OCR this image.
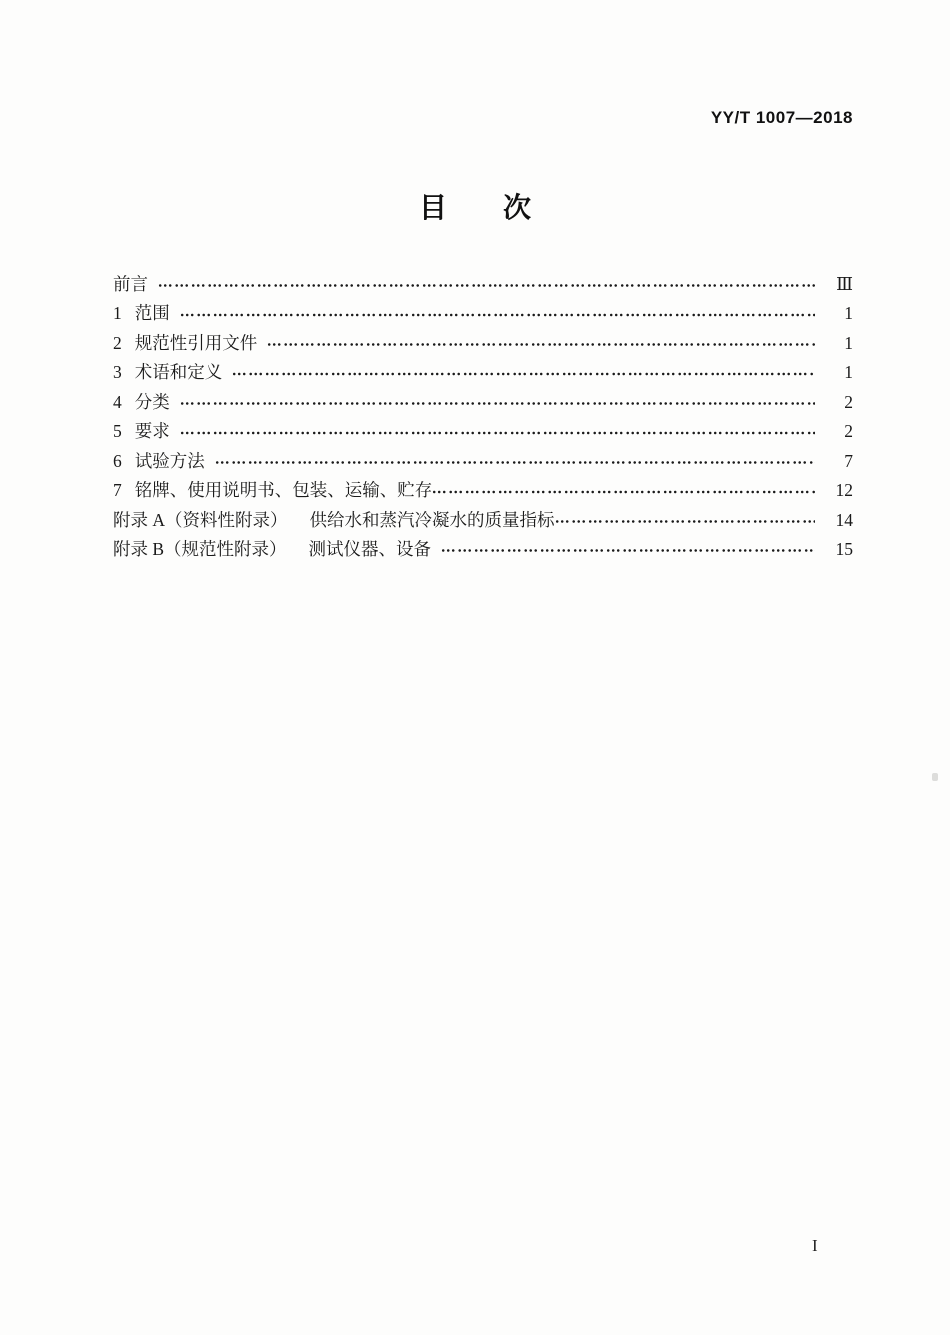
YY/T 1007—2018
目 次
前言	Ⅲ
1 范围	1
2 规范性引用文件	1
3 术语和定义	1
4 分类	2
5 要求	2
6 试验方法	7
7 铭牌、使用说明书、包装、运输、贮存	12
附录 A（资料性附录） 供给水和蒸汽冷凝水的质量指标	14
附录 B（规范性附录） 测试仪器、设备	15
I
